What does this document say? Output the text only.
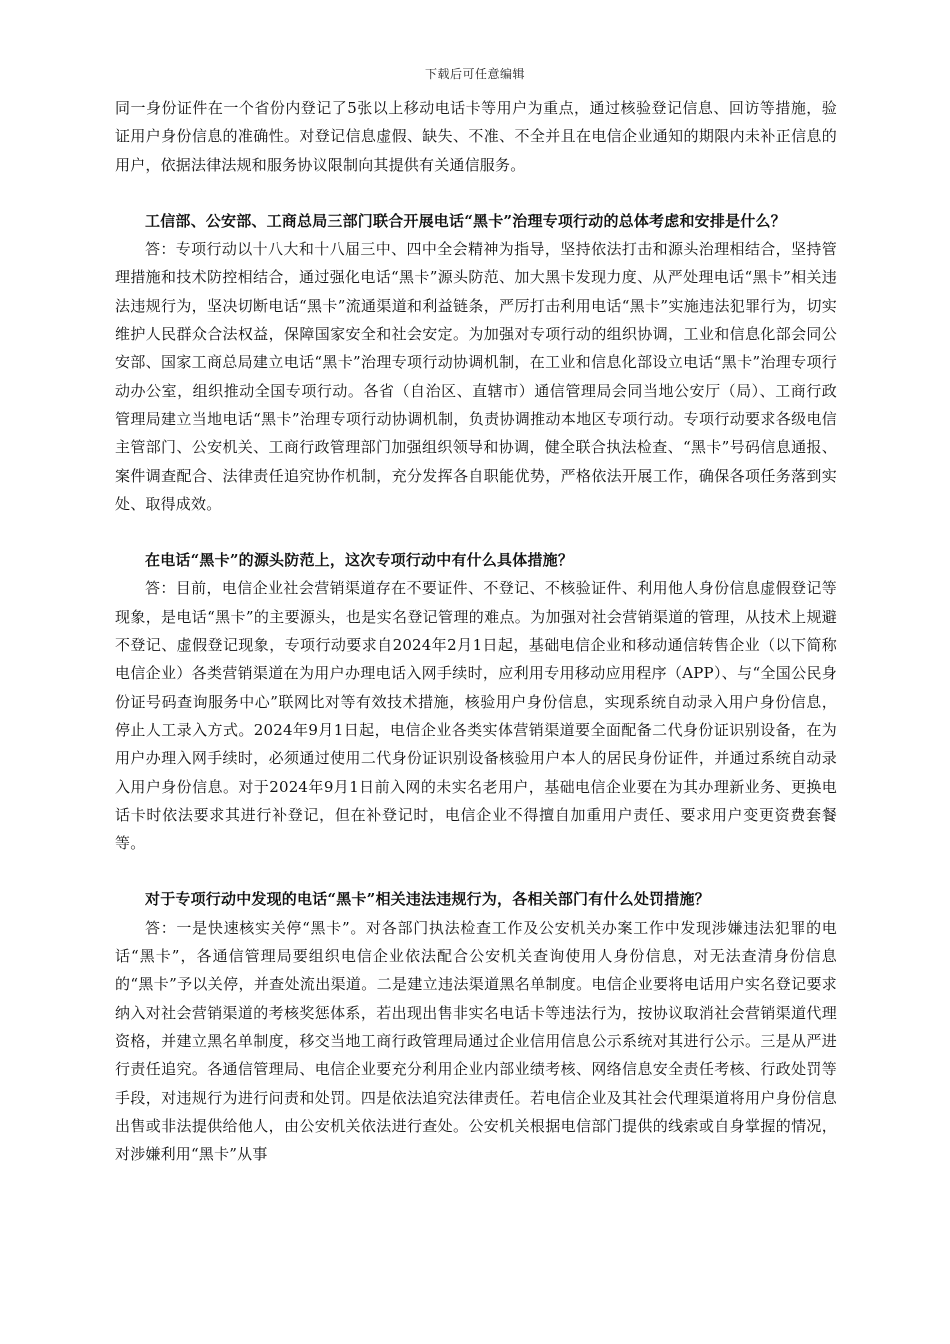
下载后可任意编辑

同一身份证件在一个省份内登记了5张以上移动电话卡等用户为重点，通过核验登记信息、回访等措施，验证用户身份信息的准确性。对登记信息虚假、缺失、不准、不全并且在电信企业通知的期限内未补正信息的用户，依据法律法规和服务协议限制向其提供有关通信服务。

工信部、公安部、工商总局三部门联合开展电话“黑卡”治理专项行动的总体考虑和安排是什么？

答：专项行动以十八大和十八届三中、四中全会精神为指导，坚持依法打击和源头治理相结合，坚持管理措施和技术防控相结合，通过强化电话“黑卡”源头防范、加大黑卡发现力度、从严处理电话“黑卡”相关违法违规行为，坚决切断电话“黑卡”流通渠道和利益链条，严厉打击利用电话“黑卡”实施违法犯罪行为，切实维护人民群众合法权益，保障国家安全和社会安定。为加强对专项行动的组织协调，工业和信息化部会同公安部、国家工商总局建立电话“黑卡”治理专项行动协调机制，在工业和信息化部设立电话“黑卡”治理专项行动办公室，组织推动全国专项行动。各省（自治区、直辖市）通信管理局会同当地公安厅（局）、工商行政管理局建立当地电话“黑卡”治理专项行动协调机制，负责协调推动本地区专项行动。专项行动要求各级电信主管部门、公安机关、工商行政管理部门加强组织领导和协调，健全联合执法检查、“黑卡”号码信息通报、案件调查配合、法律责任追究协作机制，充分发挥各自职能优势，严格依法开展工作，确保各项任务落到实处、取得成效。

在电话“黑卡”的源头防范上，这次专项行动中有什么具体措施？

答：目前，电信企业社会营销渠道存在不要证件、不登记、不核验证件、利用他人身份信息虚假登记等现象，是电话“黑卡”的主要源头，也是实名登记管理的难点。为加强对社会营销渠道的管理，从技术上规避不登记、虚假登记现象，专项行动要求自2024年2月1日起，基础电信企业和移动通信转售企业（以下简称电信企业）各类营销渠道在为用户办理电话入网手续时，应利用专用移动应用程序（APP）、与“全国公民身份证号码查询服务中心”联网比对等有效技术措施，核验用户身份信息，实现系统自动录入用户身份信息，停止人工录入方式。2024年9月1日起，电信企业各类实体营销渠道要全面配备二代身份证识别设备，在为用户办理入网手续时，必须通过使用二代身份证识别设备核验用户本人的居民身份证件，并通过系统自动录入用户身份信息。对于2024年9月1日前入网的未实名老用户，基础电信企业要在为其办理新业务、更换电话卡时依法要求其进行补登记，但在补登记时，电信企业不得擅自加重用户责任、要求用户变更资费套餐等。

对于专项行动中发现的电话“黑卡”相关违法违规行为，各相关部门有什么处罚措施？

答：一是快速核实关停“黑卡”。对各部门执法检查工作及公安机关办案工作中发现涉嫌违法犯罪的电话“黑卡”，各通信管理局要组织电信企业依法配合公安机关查询使用人身份信息，对无法查清身份信息的“黑卡”予以关停，并查处流出渠道。二是建立违法渠道黑名单制度。电信企业要将电话用户实名登记要求纳入对社会营销渠道的考核奖惩体系，若出现出售非实名电话卡等违法行为，按协议取消社会营销渠道代理资格，并建立黑名单制度，移交当地工商行政管理局通过企业信用信息公示系统对其进行公示。三是从严进行责任追究。各通信管理局、电信企业要充分利用企业内部业绩考核、网络信息安全责任考核、行政处罚等手段，对违规行为进行问责和处罚。四是依法追究法律责任。若电信企业及其社会代理渠道将用户身份信息出售或非法提供给他人，由公安机关依法进行查处。公安机关根据电信部门提供的线索或自身掌握的情况，对涉嫌利用“黑卡”从事
